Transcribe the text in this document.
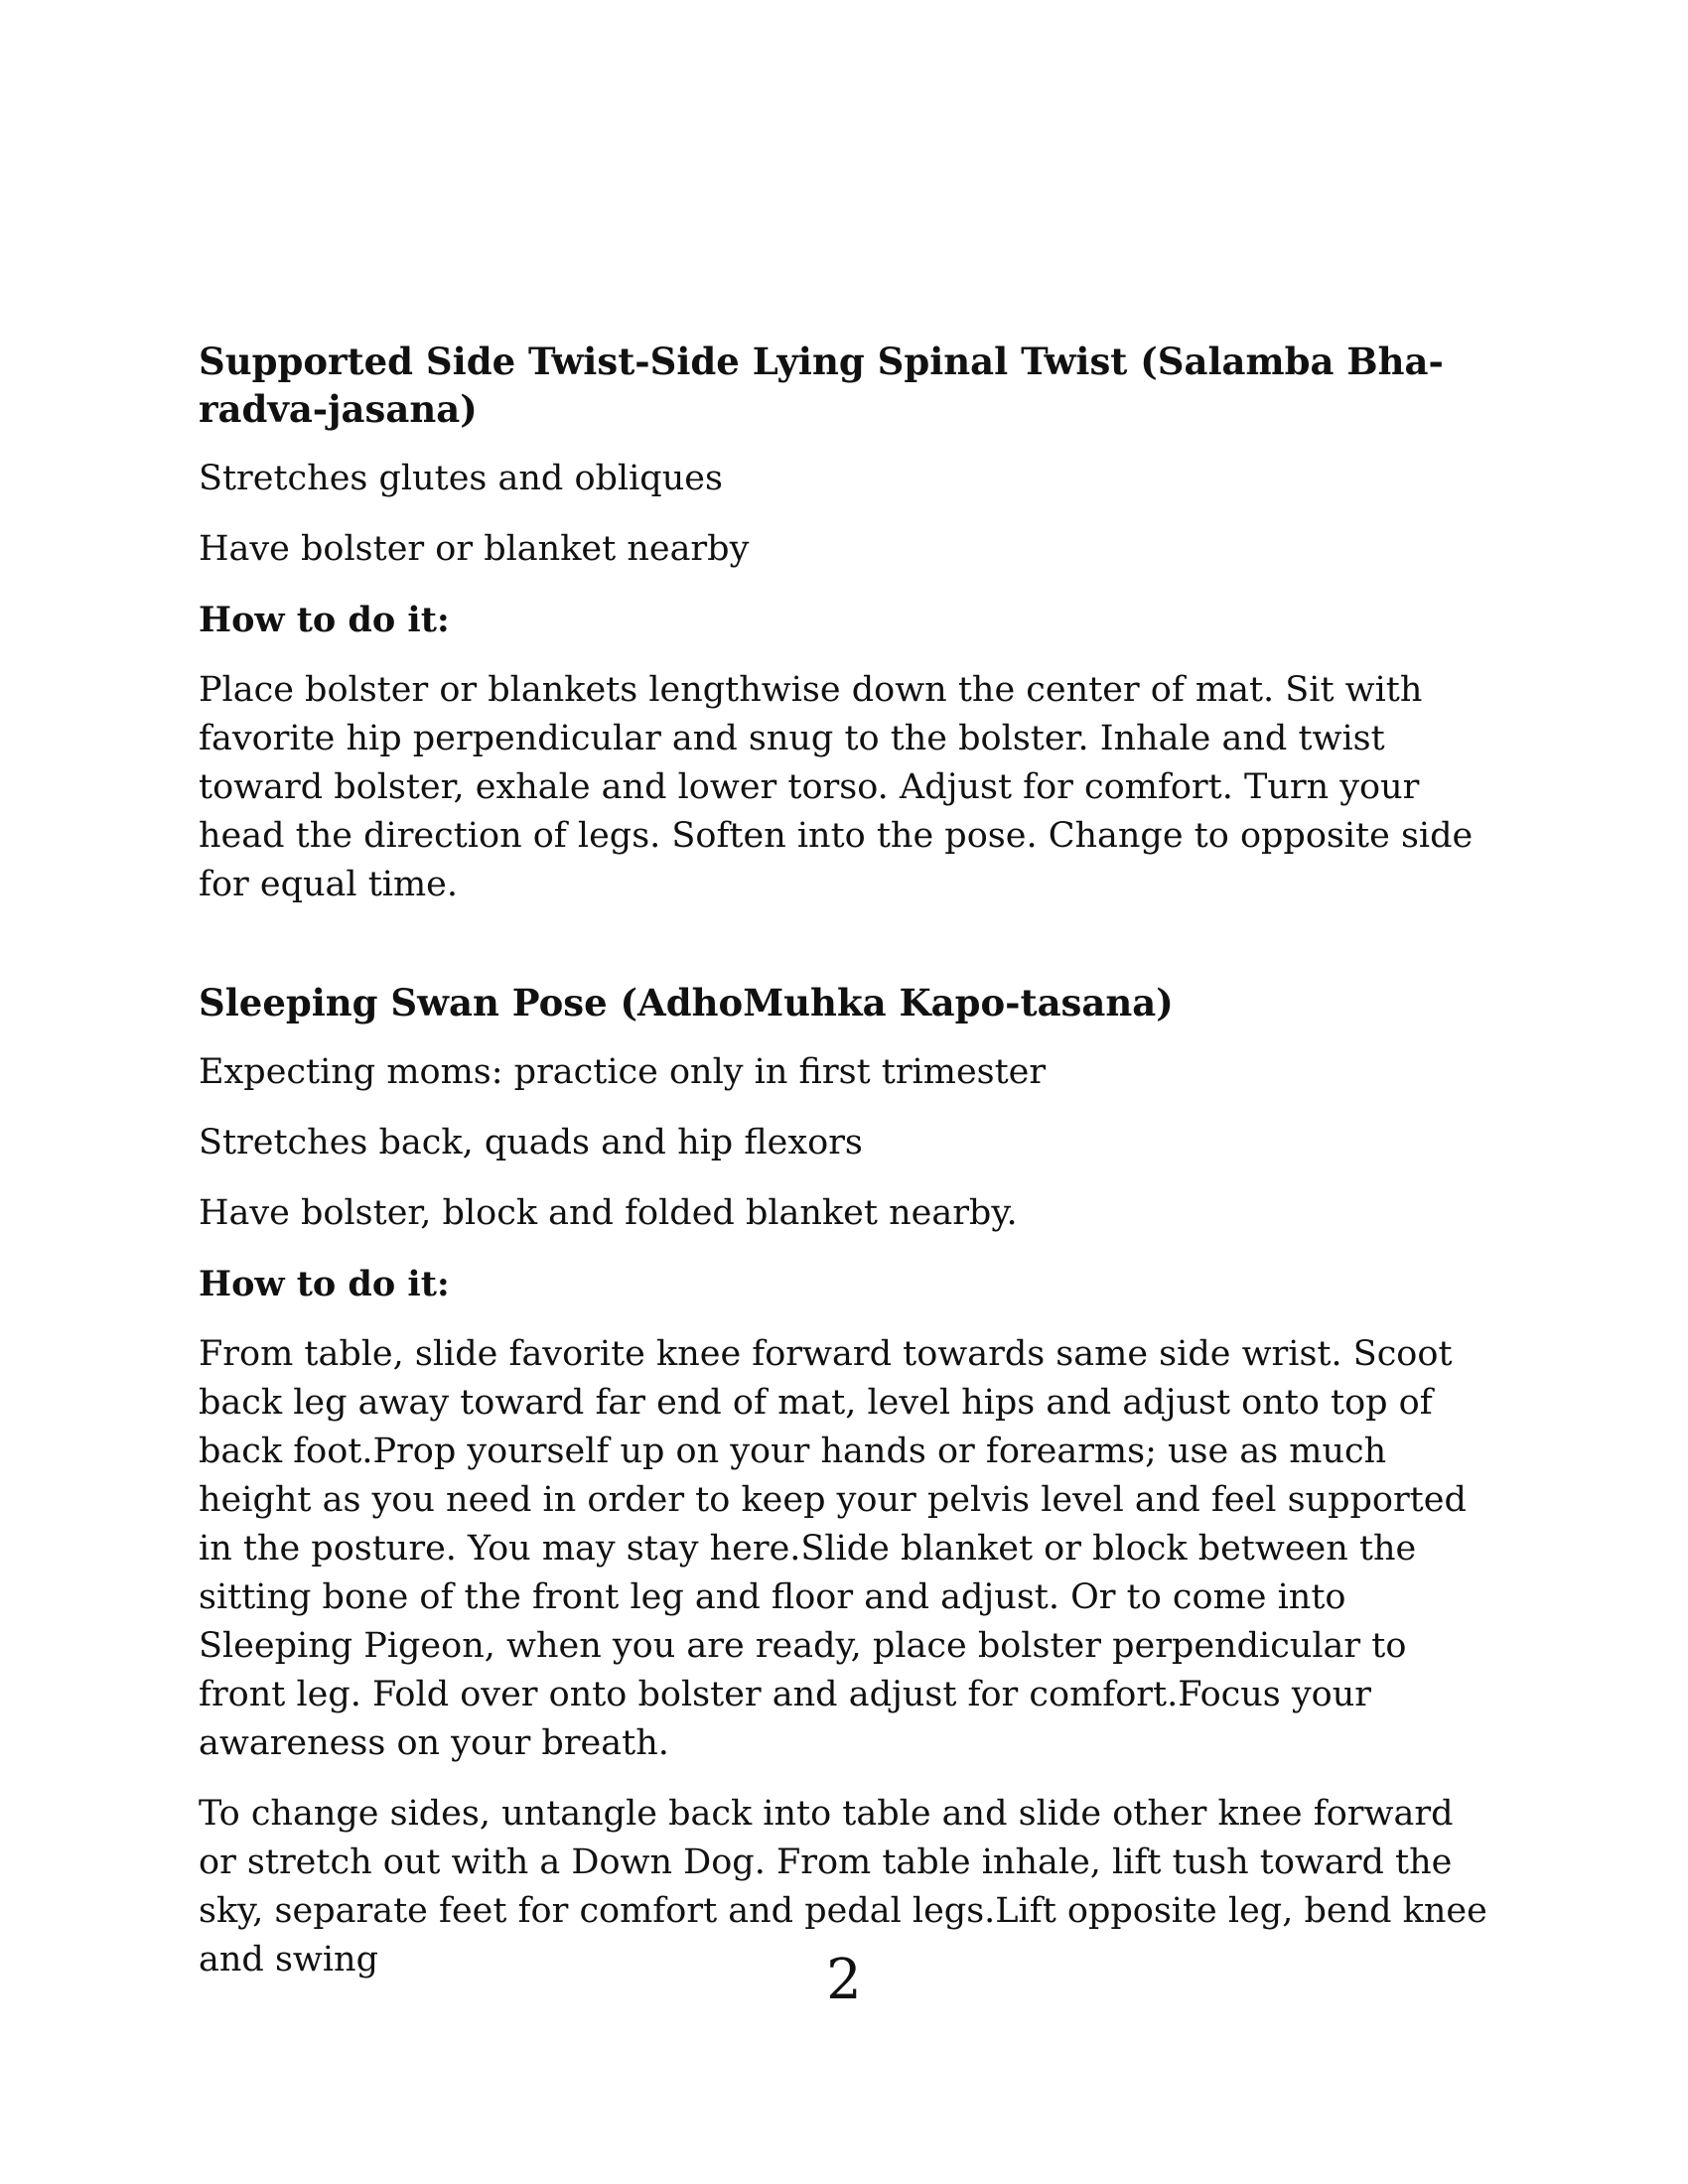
Supported Side Twist-Side Lying Spinal Twist (Salamba Bha-radva-jasana)

Stretches glutes and obliques

Have bolster or blanket nearby

How to do it:

Place bolster or blankets lengthwise down the center of mat. Sit with favorite hip perpendicular and snug to the bolster. Inhale and twist toward bolster, exhale and lower torso. Adjust for comfort. Turn your head the direction of legs. Soften into the pose. Change to opposite side for equal time.

Sleeping Swan Pose (AdhoMuhka Kapo-tasana)

Expecting moms: practice only in first trimester

Stretches back, quads and hip flexors

Have bolster, block and folded blanket nearby.

How to do it:

From table, slide favorite knee forward towards same side wrist. Scoot back leg away toward far end of mat, level hips and adjust onto top of back foot.Prop yourself up on your hands or forearms; use as much height as you need in order to keep your pelvis level and feel supported in the posture. You may stay here.Slide blanket or block between the sitting bone of the front leg and floor and adjust. Or to come into Sleeping Pigeon, when you are ready, place bolster perpendicular to front leg. Fold over onto bolster and adjust for comfort.Focus your awareness on your breath.

To change sides, untangle back into table and slide other knee forward or stretch out with a Down Dog. From table inhale, lift tush toward the sky, separate feet for comfort and pedal legs.Lift opposite leg, bend knee and swing	2
